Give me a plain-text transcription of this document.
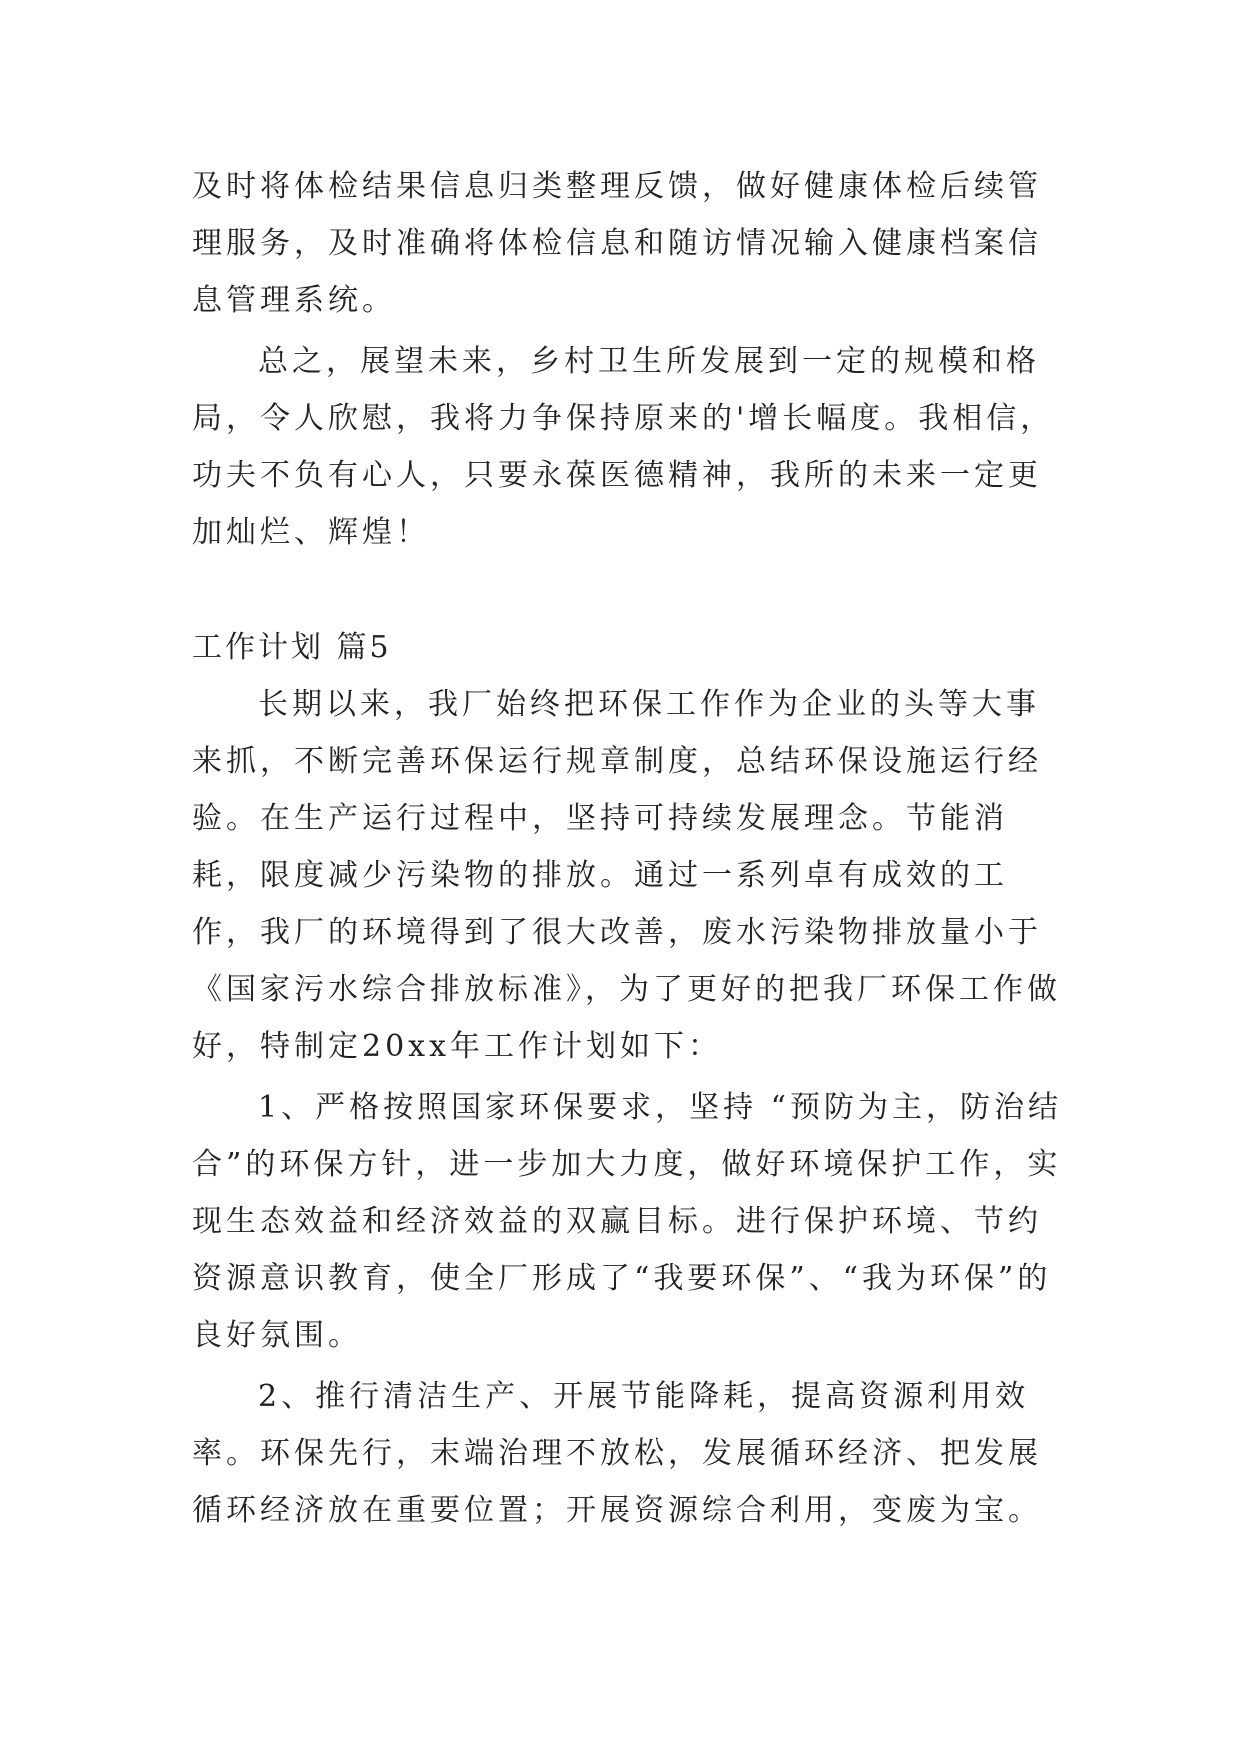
及时将体检结果信息归类整理反馈，做好健康体检后续管理服务，及时准确将体检信息和随访情况输入健康档案信息管理系统。

总之，展望未来，乡村卫生所发展到一定的规模和格局，令人欣慰，我将力争保持原来的'增长幅度。我相信，功夫不负有心人，只要永葆医德精神，我所的未来一定更加灿烂、辉煌！

工作计划 篇5

长期以来，我厂始终把环保工作作为企业的头等大事来抓，不断完善环保运行规章制度，总结环保设施运行经验。在生产运行过程中，坚持可持续发展理念。节能消耗，限度减少污染物的排放。通过一系列卓有成效的工作，我厂的环境得到了很大改善，废水污染物排放量小于《国家污水综合排放标准》，为了更好的把我厂环保工作做好，特制定20xx年工作计划如下：

1、严格按照国家环保要求，坚持 “预防为主，防治结合”的环保方针，进一步加大力度，做好环境保护工作，实现生态效益和经济效益的双赢目标。进行保护环境、节约资源意识教育，使全厂形成了“我要环保”、“我为环保”的良好氛围。

2、推行清洁生产、开展节能降耗，提高资源利用效率。环保先行，末端治理不放松，发展循环经济、把发展循环经济放在重要位置；开展资源综合利用，变废为宝。
